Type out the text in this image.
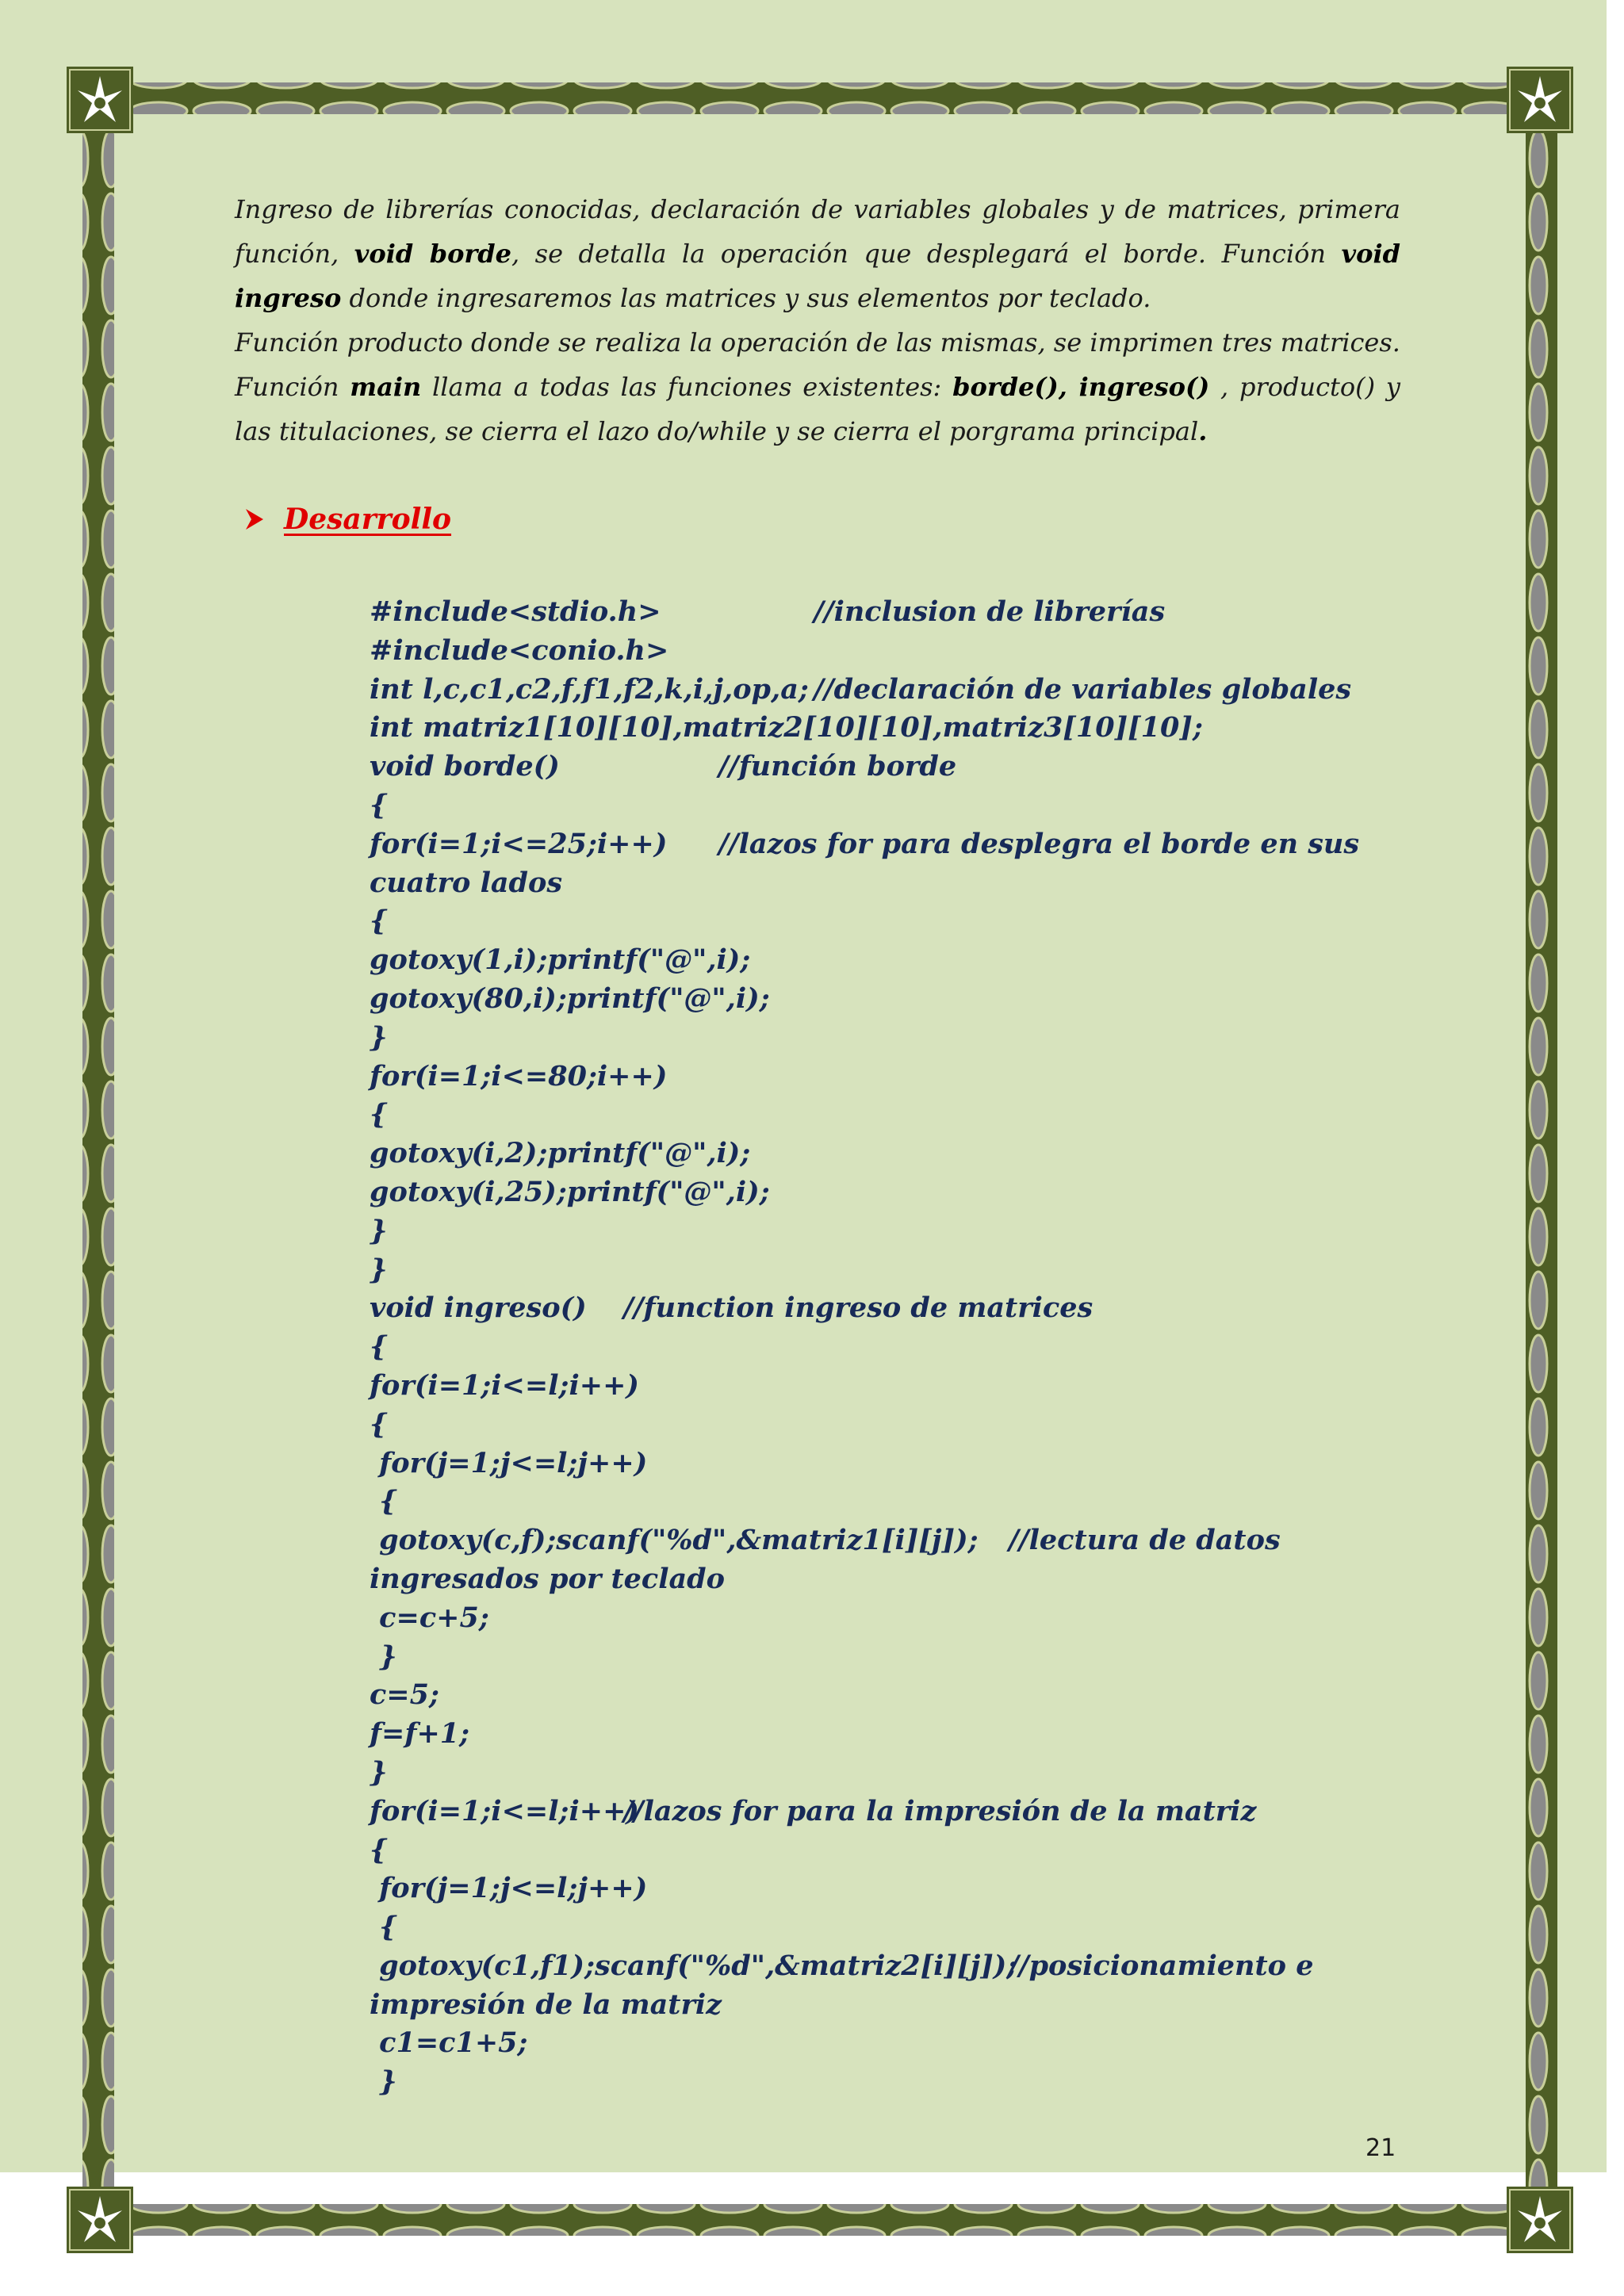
Ingreso de librerías conocidas, declaración de variables globales y de matrices, primera función, void borde, se detalla la operación que desplegará el borde. Función void ingreso donde ingresaremos las matrices y sus elementos por teclado.

Función producto donde se realiza la operación de las mismas, se imprimen tres matrices.

Función main llama a todas las funciones existentes: borde(), ingreso() , producto() y las titulaciones, se cierra el lazo do/while y se cierra el porgrama principal.

Desarrollo
#include<stdio.h>	//inclusion de librerías
#include<conio.h>
int l,c,c1,c2,f,f1,f2,k,i,j,op,a; //declaración de variables globales
int matriz1[10][10],matriz2[10][10],matriz3[10][10];
void borde()	//función borde
{
for(i=1;i<=25;i++) //lazos for para desplegra el borde en sus
cuatro lados
{
gotoxy(1,i);printf("@",i);
gotoxy(80,i);printf("@",i);
}
for(i=1;i<=80;i++)
{
gotoxy(i,2);printf("@",i);
gotoxy(i,25);printf("@",i);
}
}
void ingreso() //function ingreso de matrices
{
for(i=1;i<=l;i++)
{
for(j=1;j<=l;j++)
{
gotoxy(c,f);scanf("%d",&matriz1[i][j]); //lectura de datos
ingresados por teclado
c=c+5;
}
c=5;
f=f+1;
}
for(i=1;i<=l;i++)
//lazos for para la impresión de la matriz
{
for(j=1;j<=l;j++)
{
gotoxy(c1,f1);scanf("%d",&matriz2[i][j]);
//posicionamiento e
impresión de la matriz
c1=c1+5;
}
21
